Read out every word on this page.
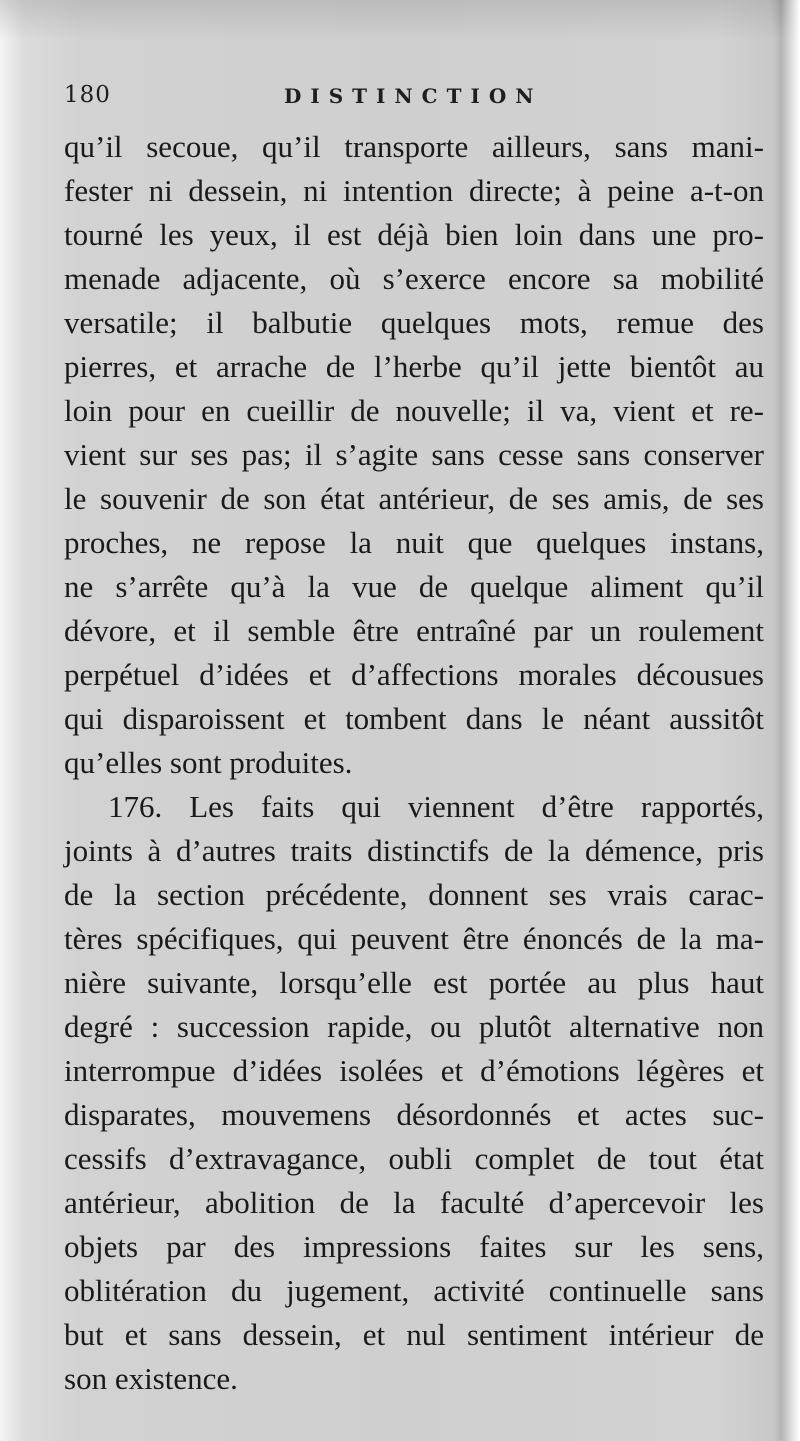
180	DISTINCTION
qu’il secoue, qu’il transporte ailleurs, sans mani-
fester ni dessein, ni intention directe; à peine a-t-on
tourné les yeux, il est déjà bien loin dans une pro-
menade adjacente, où s’exerce encore sa mobilité
versatile; il balbutie quelques mots, remue des
pierres, et arrache de l’herbe qu’il jette bientôt au
loin pour en cueillir de nouvelle; il va, vient et re-
vient sur ses pas; il s’agite sans cesse sans conserver
le souvenir de son état antérieur, de ses amis, de ses
proches, ne repose la nuit que quelques instans,
ne s’arrête qu’à la vue de quelque aliment qu’il
dévore, et il semble être entraîné par un roulement
perpétuel d’idées et d’affections morales décousues
qui disparoissent et tombent dans le néant aussitôt
qu’elles sont produites.
176. Les faits qui viennent d’être rapportés,
joints à d’autres traits distinctifs de la démence, pris
de la section précédente, donnent ses vrais carac-
tères spécifiques, qui peuvent être énoncés de la ma-
nière suivante, lorsqu’elle est portée au plus haut
degré : succession rapide, ou plutôt alternative non
interrompue d’idées isolées et d’émotions légères et
disparates, mouvemens désordonnés et actes suc-
cessifs d’extravagance, oubli complet de tout état
antérieur, abolition de la faculté d’apercevoir les
objets par des impressions faites sur les sens,
oblitération du jugement, activité continuelle sans
but et sans dessein, et nul sentiment intérieur de
son existence.
